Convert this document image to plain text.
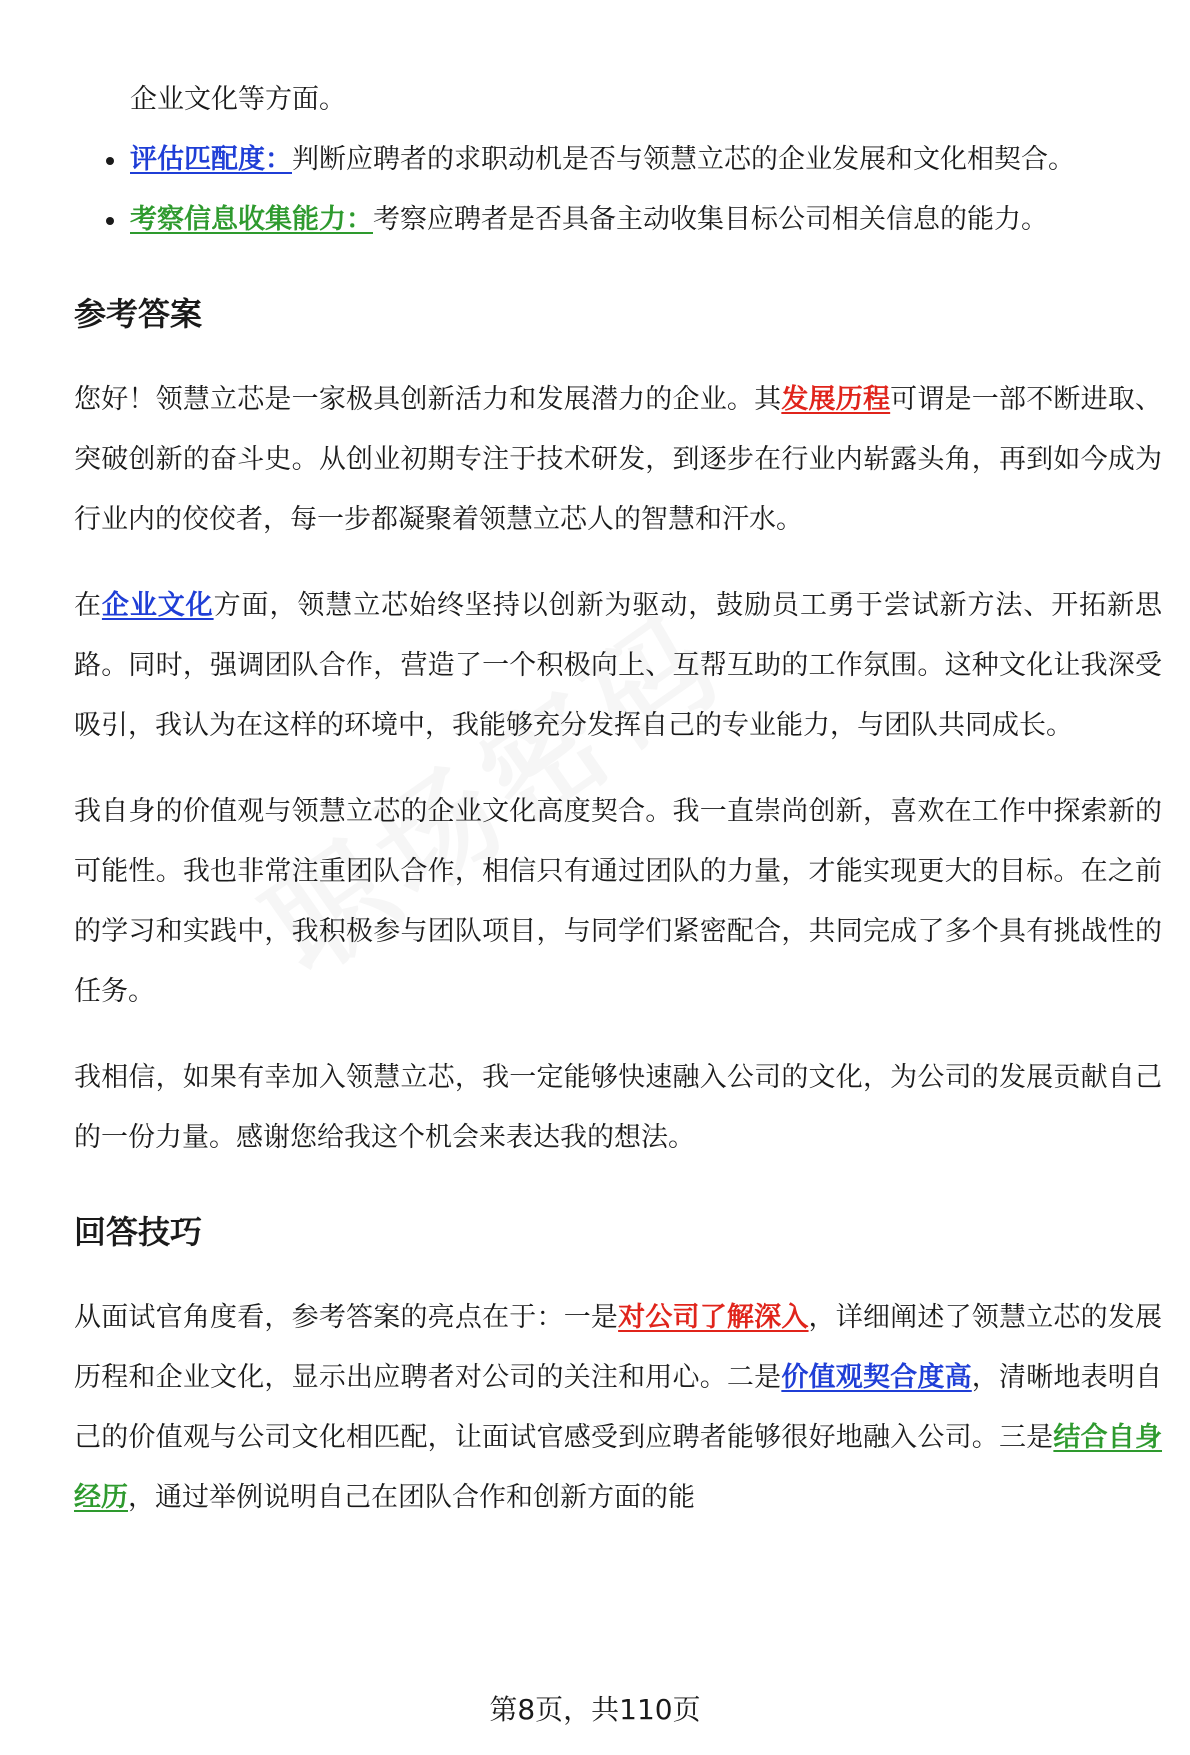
企业文化等方面。
评估匹配度：判断应聘者的求职动机是否与领慧立芯的企业发展和文化相契合。
考察信息收集能力：考察应聘者是否具备主动收集目标公司相关信息的能力。
参考答案

您好！领慧立芯是一家极具创新活力和发展潜力的企业。其发展历程可谓是一部不断进取、突破创新的奋斗史。从创业初期专注于技术研发，到逐步在行业内崭露头角，再到如今成为行业内的佼佼者，每一步都凝聚着领慧立芯人的智慧和汗水。

在企业文化方面，领慧立芯始终坚持以创新为驱动，鼓励员工勇于尝试新方法、开拓新思路。同时，强调团队合作，营造了一个积极向上、互帮互助的工作氛围。这种文化让我深受吸引，我认为在这样的环境中，我能够充分发挥自己的专业能力，与团队共同成长。

我自身的价值观与领慧立芯的企业文化高度契合。我一直崇尚创新，喜欢在工作中探索新的可能性。我也非常注重团队合作，相信只有通过团队的力量，才能实现更大的目标。在之前的学习和实践中，我积极参与团队项目，与同学们紧密配合，共同完成了多个具有挑战性的任务。

我相信，如果有幸加入领慧立芯，我一定能够快速融入公司的文化，为公司的发展贡献自己的一份力量。感谢您给我这个机会来表达我的想法。

回答技巧

从面试官角度看，参考答案的亮点在于：一是对公司了解深入，详细阐述了领慧立芯的发展历程和企业文化，显示出应聘者对公司的关注和用心。二是价值观契合度高，清晰地表明自己的价值观与公司文化相匹配，让面试官感受到应聘者能够很好地融入公司。三是结合自身经历，通过举例说明自己在团队合作和创新方面的能

第8页，共110页
